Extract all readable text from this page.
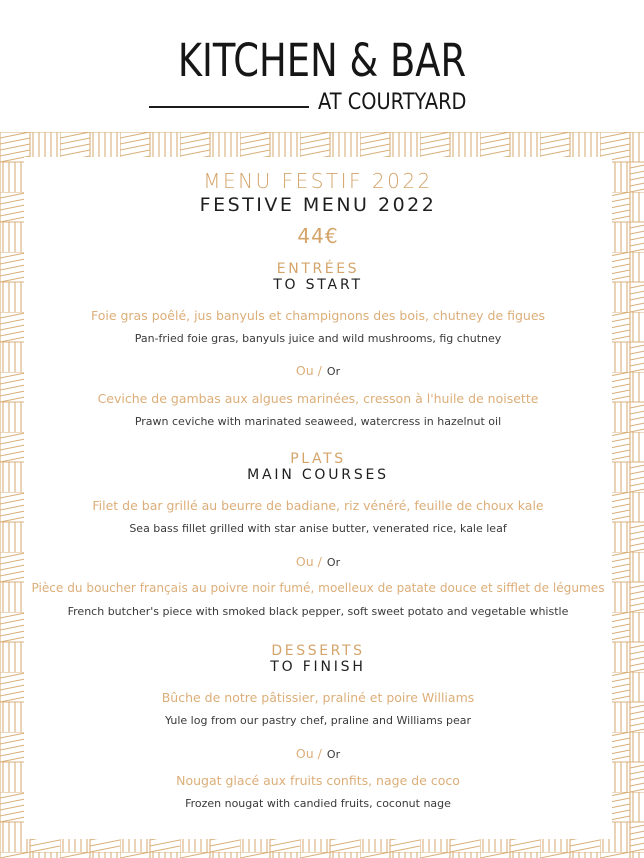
KITCHEN & BAR
AT COURTYARD
MENU FESTIF 2022
FESTIVE MENU 2022
44€
ENTRÉES
TO START
Foie gras poêlé, jus banyuls et champignons des bois, chutney de figues
Pan-fried foie gras, banyuls juice and wild mushrooms, fig chutney
Ou / Or
Ceviche de gambas aux algues marinées, cresson à l'huile de noisette
Prawn ceviche with marinated seaweed, watercress in hazelnut oil
PLATS
MAIN COURSES
Filet de bar grillé au beurre de badiane, riz vénéré, feuille de choux kale
Sea bass fillet grilled with star anise butter, venerated rice, kale leaf
Ou / Or
Pièce du boucher français au poivre noir fumé, moelleux de patate douce et sifflet de légumes
French butcher's piece with smoked black pepper, soft sweet potato and vegetable whistle
DESSERTS
TO FINISH
Bûche de notre pâtissier, praliné et poire Williams
Yule log from our pastry chef, praline and Williams pear
Ou / Or
Nougat glacé aux fruits confits, nage de coco
Frozen nougat with candied fruits, coconut nage
